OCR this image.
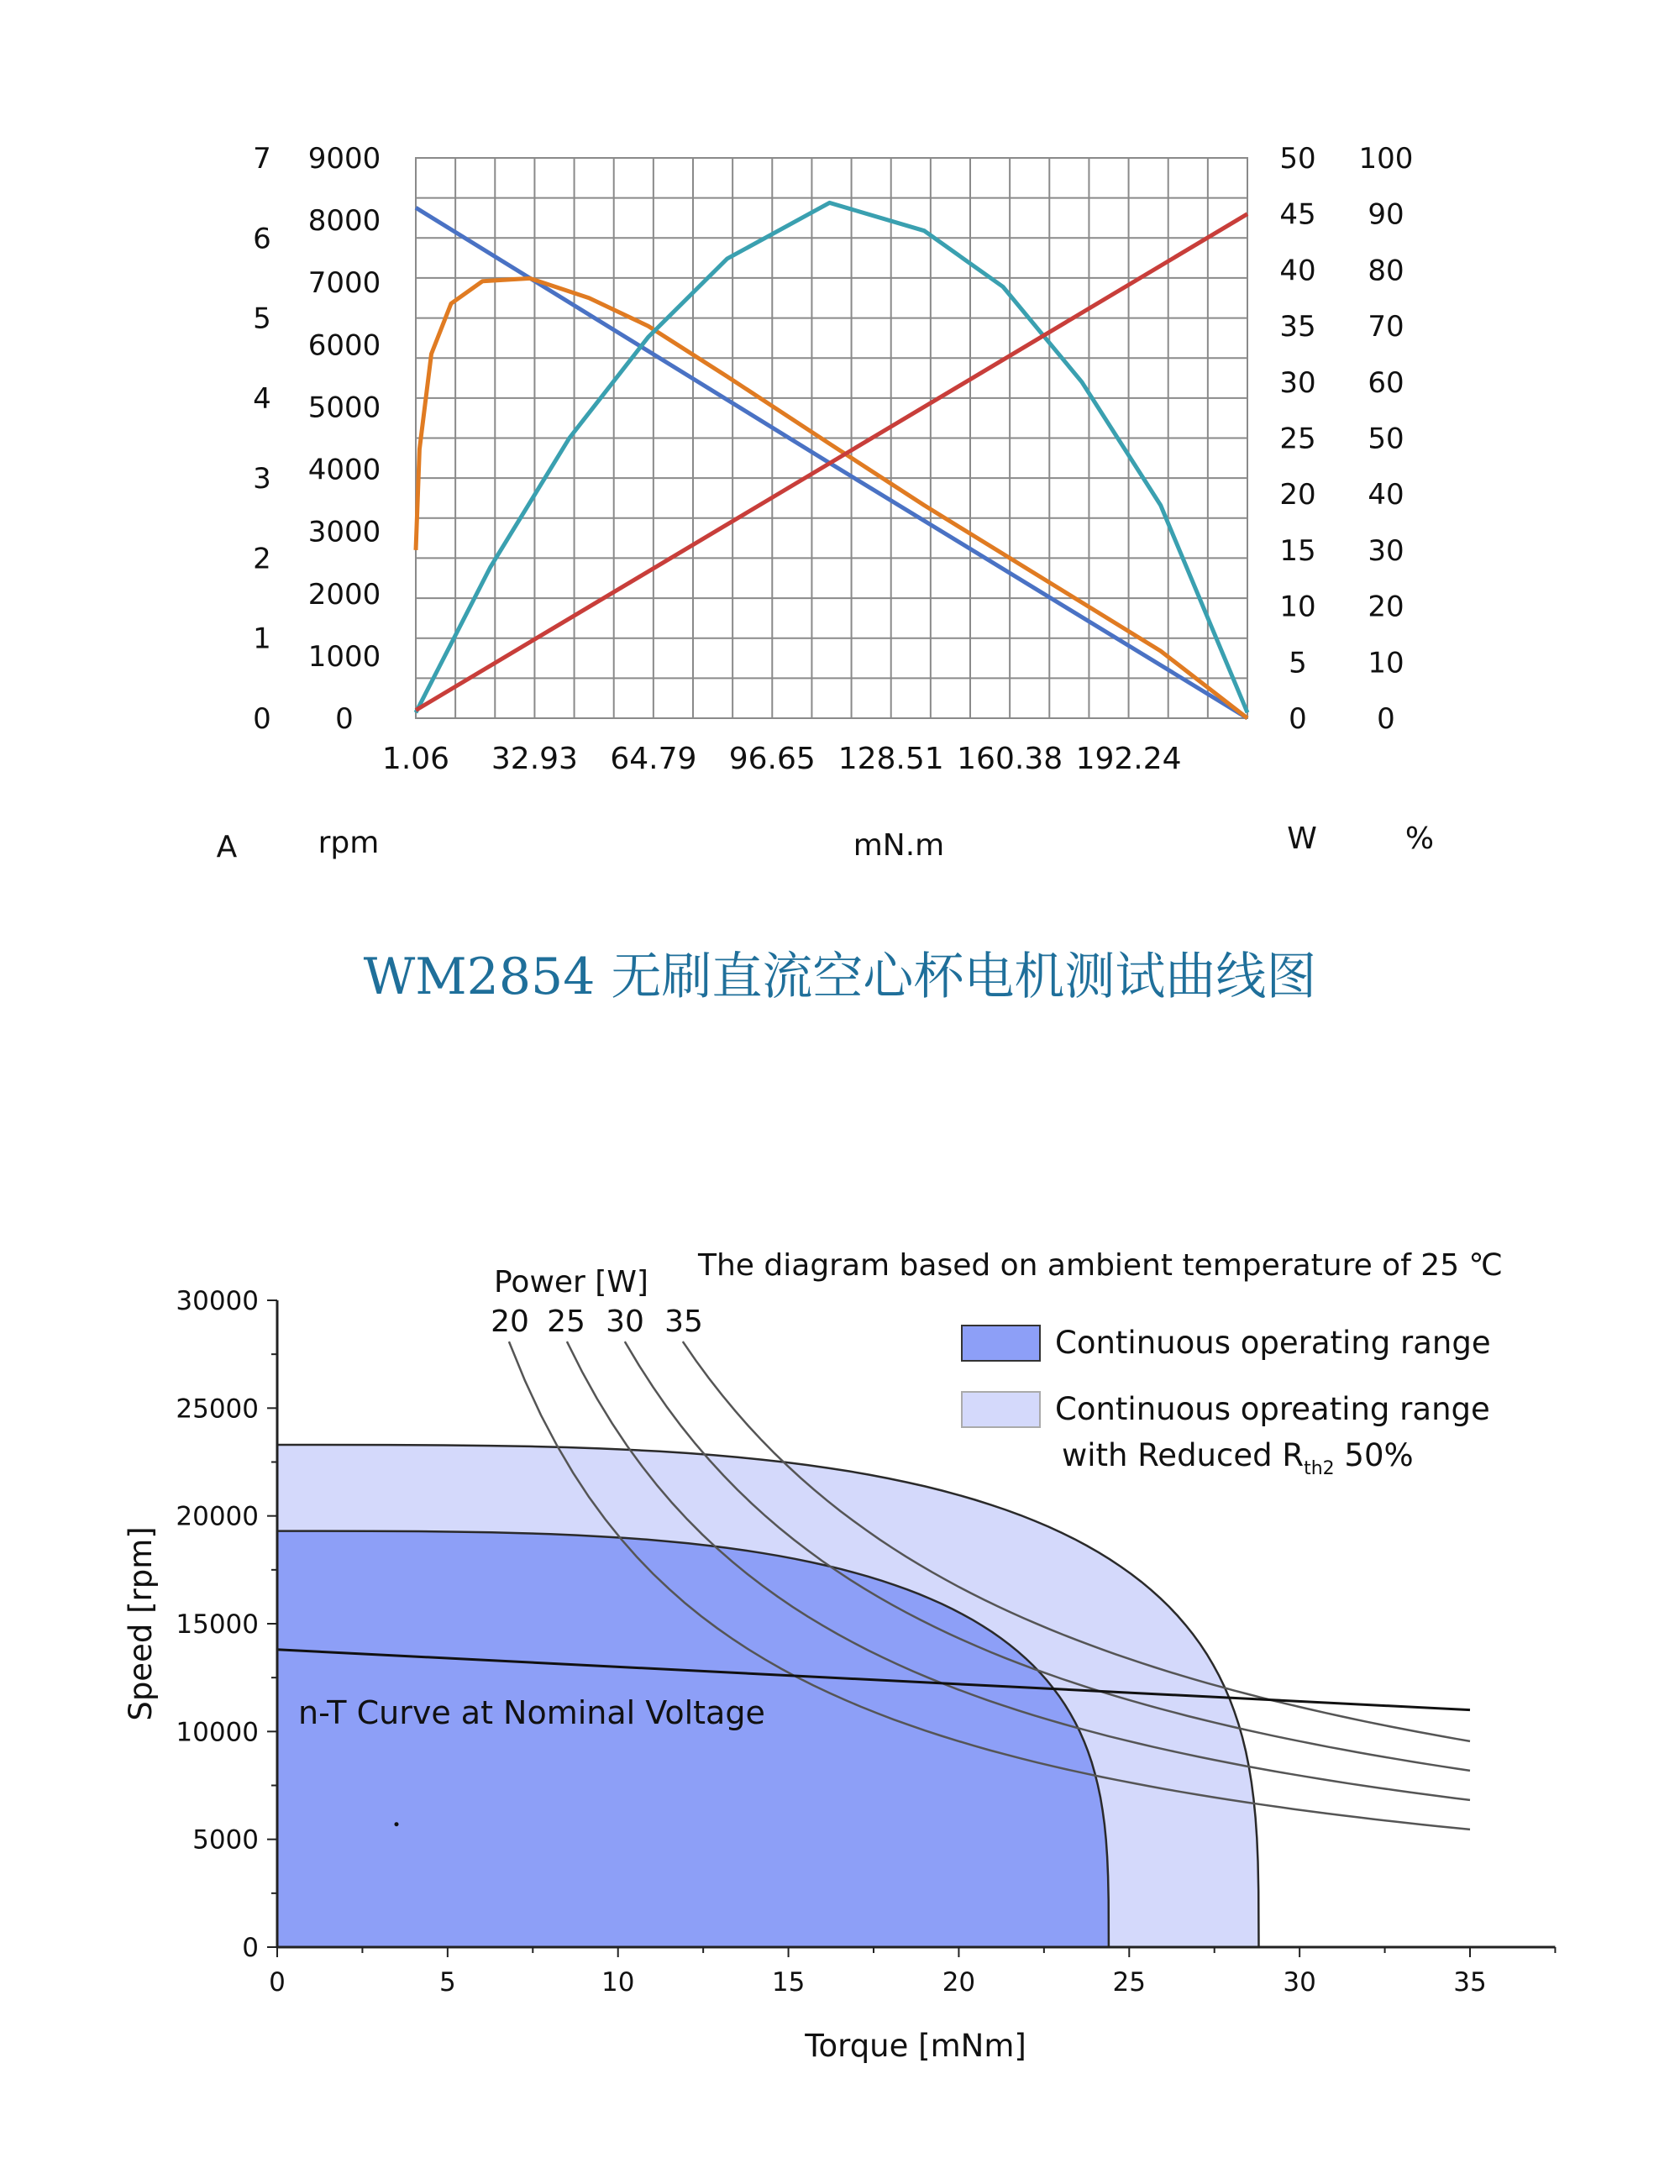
1.06 32.93 64.79 96.65 128.51 160.38 192.24
0
1
2
3
4
5
6
7
0
1000
2000
3000
4000
5000
6000
7000
8000
9000
0
5
10
15
20
25
30
35
40
45
50
0
10
20
30
40
50
60
70
80
90
100
A	rpm	mN.m	W	%
WM2854 无刷直流空心杯电机测试曲线图
0
5000
10000
15000
20000
25000
30000
0	5	10	15	20	25	30	35
The diagram based on ambient temperature of 25 ℃
Torque [mNm]
Speed [rpm]
Power [W]
20 25 30 35
n-T Curve at Nominal Voltage
Continuous operating range
Continuous opreating range
with Reduced $R_{th2}$ 50%
